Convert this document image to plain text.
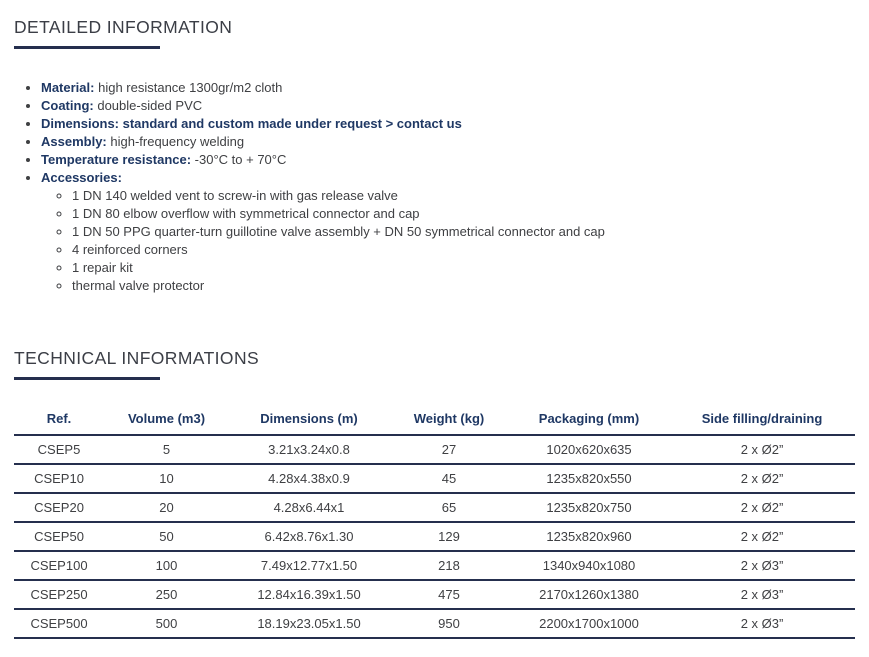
DETAILED INFORMATION
• Material: high resistance 1300gr/m2 cloth
• Coating: double-sided PVC
• Dimensions: standard and custom made under request > contact us
• Assembly: high-frequency welding
• Temperature resistance: -30°C to + 70°C
• Accessories:
◦ 1 DN 140 welded vent to screw-in with gas release valve
◦ 1 DN 80 elbow overflow with symmetrical connector and cap
◦ 1 DN 50 PPG quarter-turn guillotine valve assembly + DN 50 symmetrical connector and cap
◦ 4 reinforced corners
◦ 1 repair kit
◦ thermal valve protector
TECHNICAL INFORMATIONS
Ref.	Volume (m3)	Dimensions (m)	Weight (kg)	Packaging (mm)	Side filling/draining
CSEP5	5	3.21x3.24x0.8	27	1020x620x635	2 x Ø2”
CSEP10	10	4.28x4.38x0.9	45	1235x820x550	2 x Ø2”
CSEP20	20	4.28x6.44x1	65	1235x820x750	2 x Ø2”
CSEP50	50	6.42x8.76x1.30	129	1235x820x960	2 x Ø2”
CSEP100	100	7.49x12.77x1.50	218	1340x940x1080	2 x Ø3”
CSEP250	250	12.84x16.39x1.50	475	2170x1260x1380	2 x Ø3”
CSEP500	500	18.19x23.05x1.50	950	2200x1700x1000	2 x Ø3”
